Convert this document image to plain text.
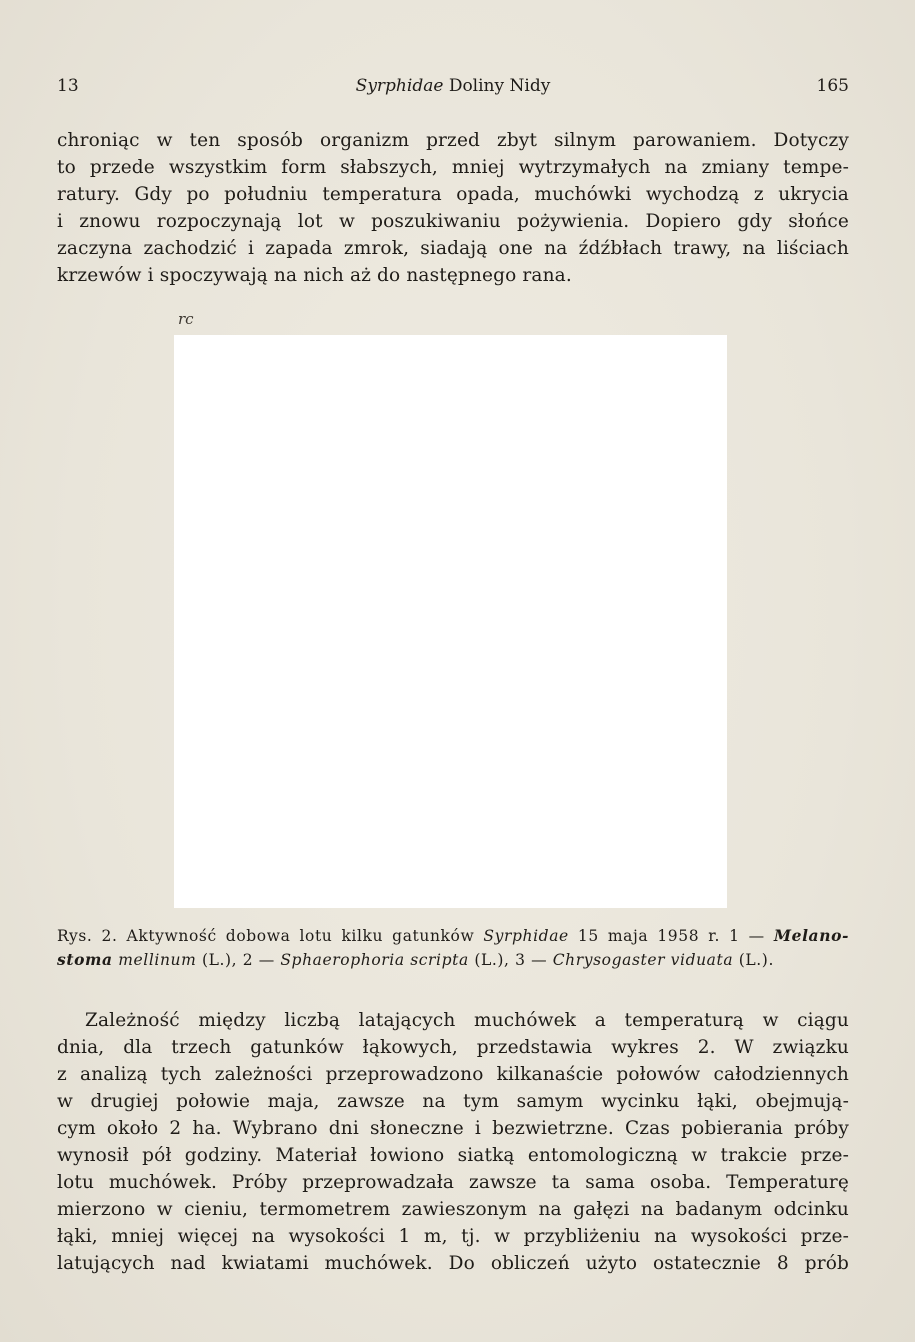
13	Syrphidae Doliny Nidy	165
chroniąc w ten sposób organizm przed zbyt silnym parowaniem. Dotyczy
to przede wszystkim form słabszych, mniej wytrzymałych na zmiany tempe-
ratury. Gdy po południu temperatura opada, muchówki wychodzą z ukrycia
i znowu rozpoczynają lot w poszukiwaniu pożywienia. Dopiero gdy słońce
zaczyna zachodzić i zapada zmrok, siadają one na źdźbłach trawy, na liściach
krzewów i spoczywają na nich aż do następnego rana.
rc
Rys. 2. Aktywność dobowa lotu kilku gatunków Syrphidae 15 maja 1958 r. 1 — Melano-
stoma mellinum (L.), 2 — Sphaerophoria scripta (L.), 3 — Chrysogaster viduata (L.).
Zależność między liczbą latających muchówek a temperaturą w ciągu
dnia, dla trzech gatunków łąkowych, przedstawia wykres 2. W związku
z analizą tych zależności przeprowadzono kilkanaście połowów całodziennych
w drugiej połowie maja, zawsze na tym samym wycinku łąki, obejmują-
cym około 2 ha. Wybrano dni słoneczne i bezwietrzne. Czas pobierania próby
wynosił pół godziny. Materiał łowiono siatką entomologiczną w trakcie prze-
lotu muchówek. Próby przeprowadzała zawsze ta sama osoba. Temperaturę
mierzono w cieniu, termometrem zawieszonym na gałęzi na badanym odcinku
łąki, mniej więcej na wysokości 1 m, tj. w przybliżeniu na wysokości prze-
latujących nad kwiatami muchówek. Do obliczeń użyto ostatecznie 8 prób
